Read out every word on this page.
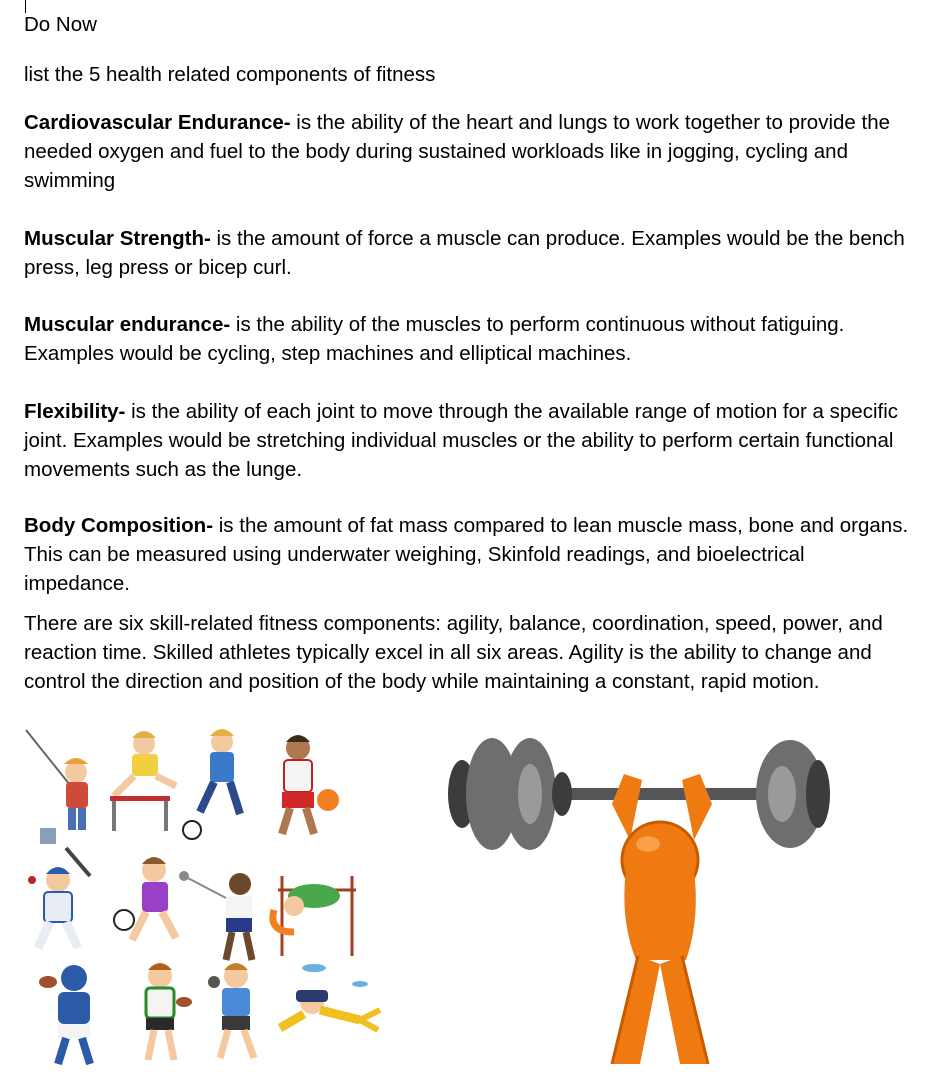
Do Now

list the 5 health related components of fitness

Cardiovascular Endurance- is the ability of the heart and lungs to work together to provide the needed oxygen and fuel to the body during sustained workloads like in jogging, cycling and swimming

Muscular Strength- is the amount of force a muscle can produce. Examples would be the bench press, leg press or bicep curl.

Muscular endurance- is the ability of the muscles to perform continuous without fatiguing. Examples would be cycling, step machines and elliptical machines.

Flexibility- is the ability of each joint to move through the available range of motion for a specific joint. Examples would be stretching individual muscles or the ability to perform certain functional movements such as the lunge.

Body Composition- is the amount of fat mass compared to lean muscle mass, bone and organs. This can be measured using underwater weighing, Skinfold readings, and bioelectrical impedance.

There are six skill-related fitness components: agility, balance, coordination, speed, power, and reaction time. Skilled athletes typically excel in all six areas. Agility is the ability to change and control the direction and position of the body while maintaining a constant, rapid motion.
